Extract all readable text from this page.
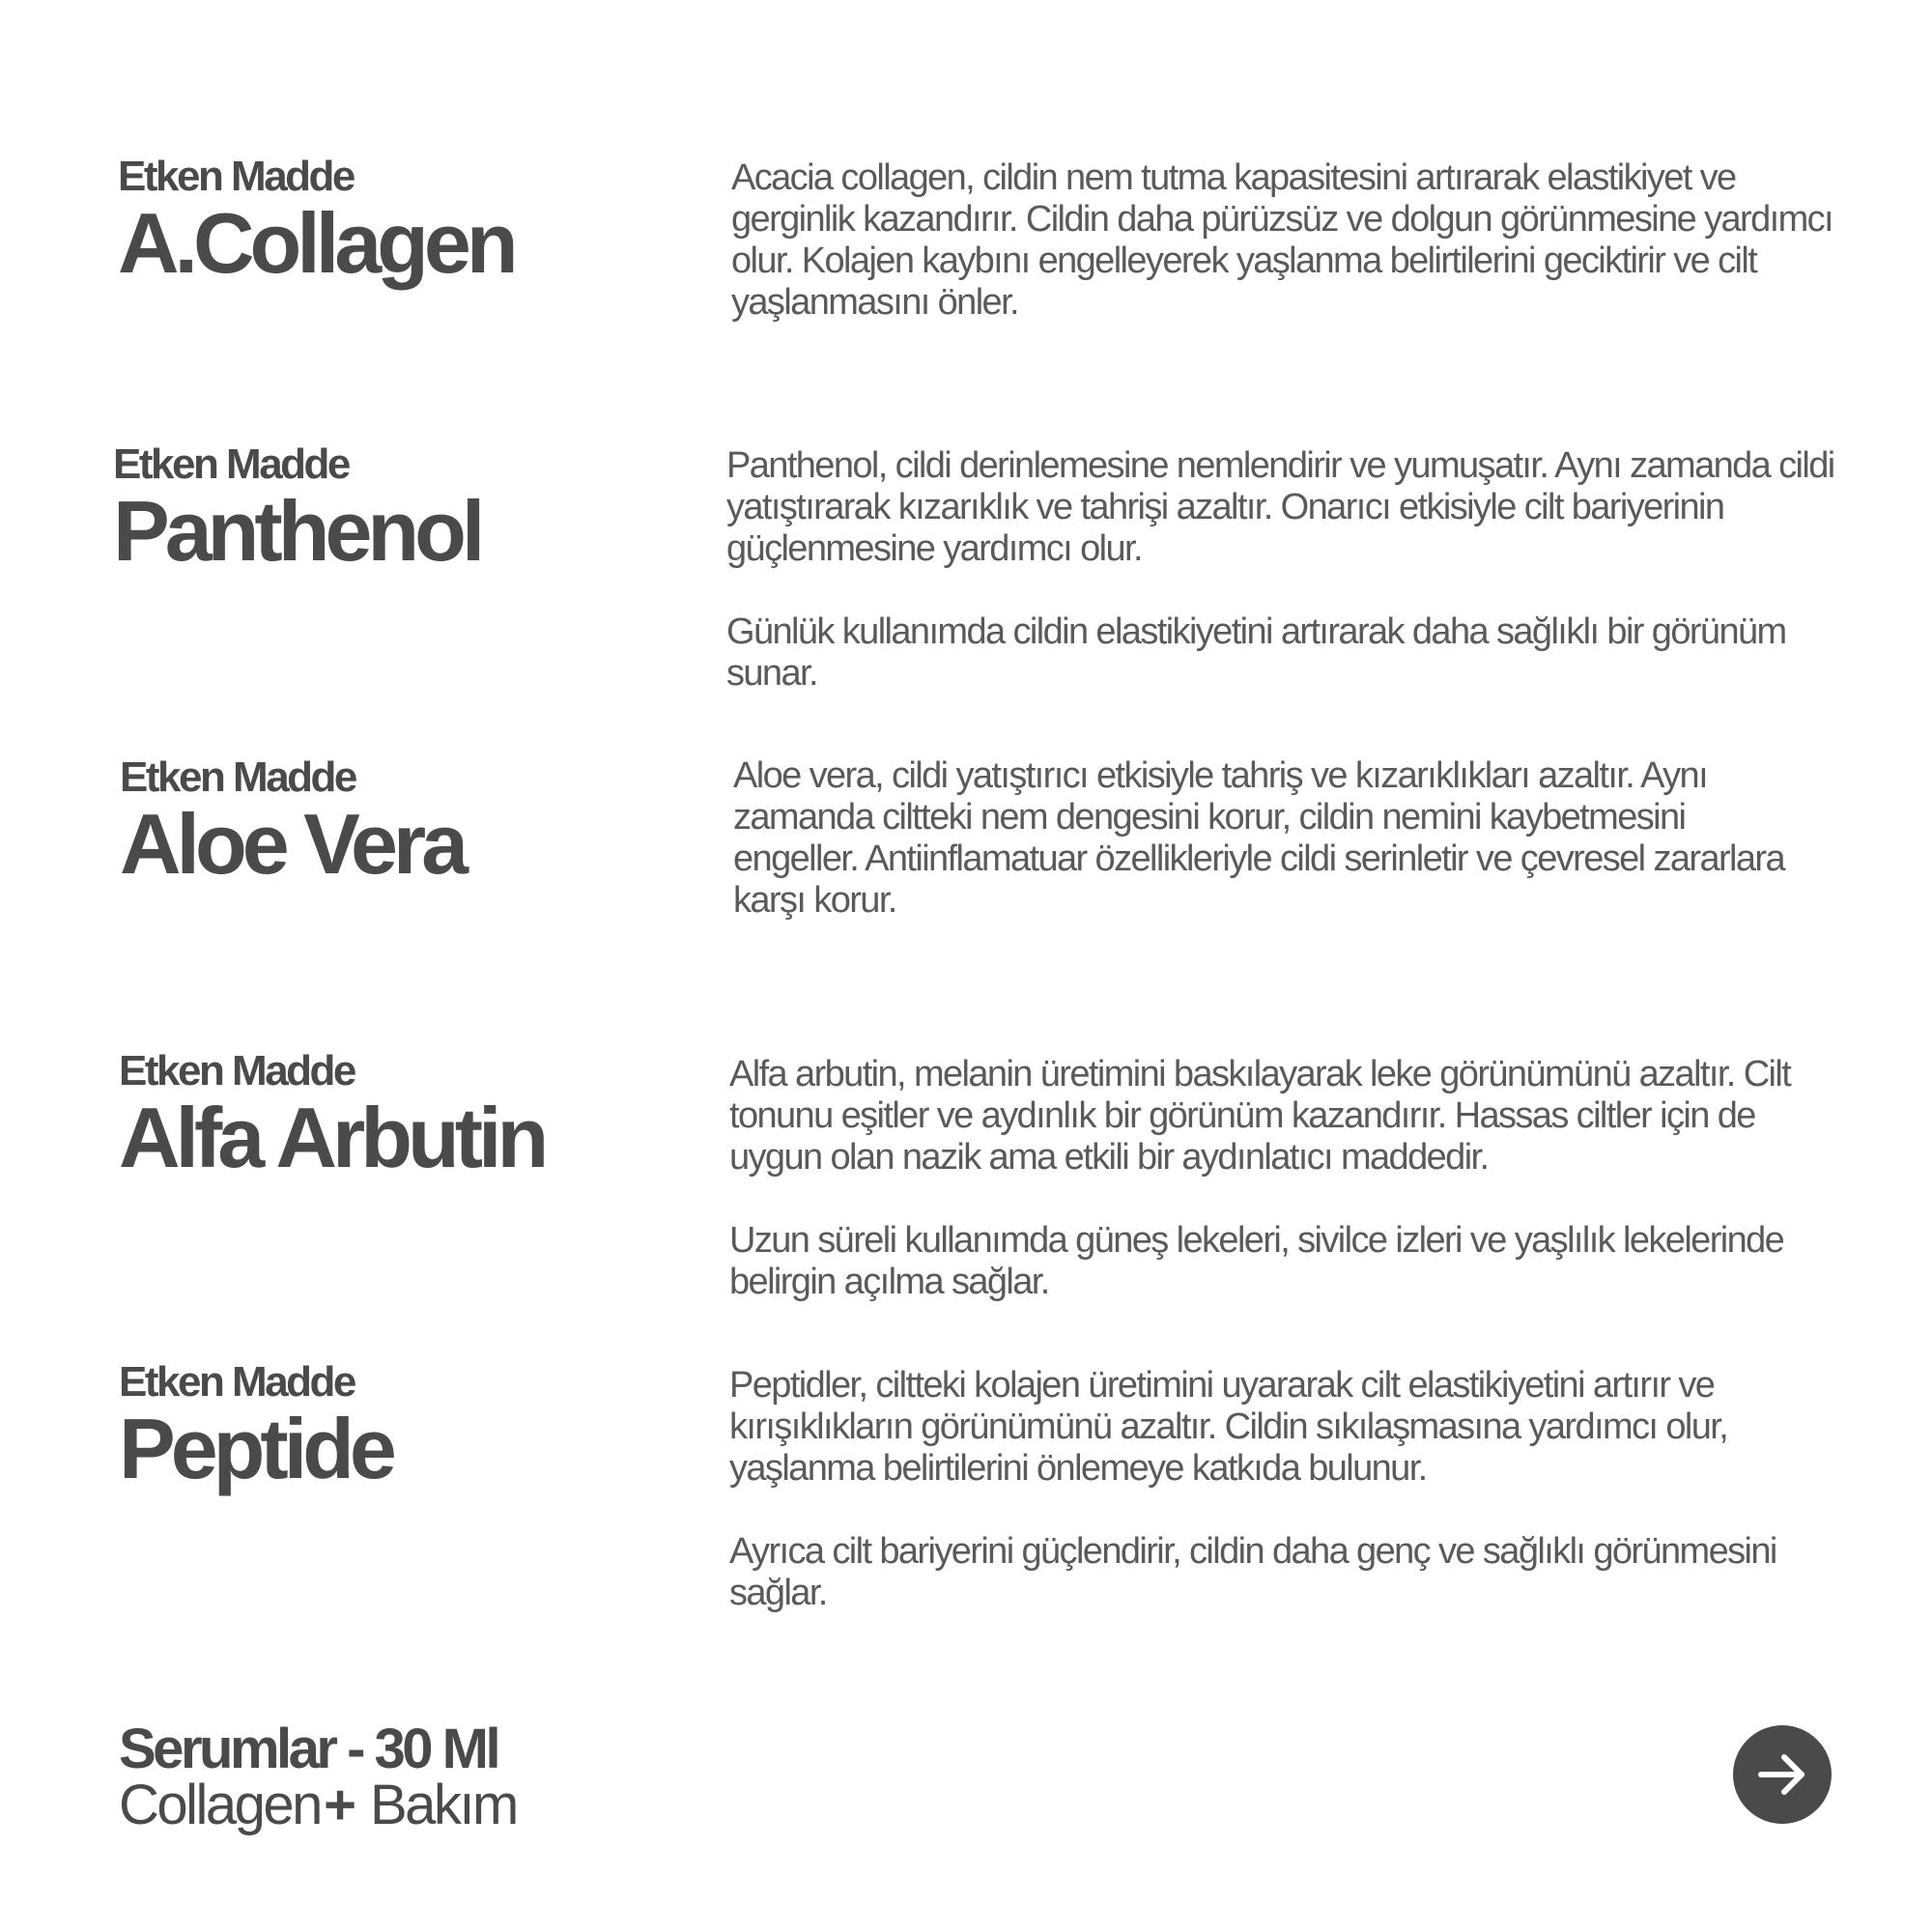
Etken Madde
A.Collagen

Acacia collagen, cildin nem tutma kapasitesini artırarak elastikiyet ve gerginlik kazandırır. Cildin daha pürüzsüz ve dolgun görünmesine yardımcı olur. Kolajen kaybını engelleyerek yaşlanma belirtilerini geciktirir ve cilt yaşlanmasını önler.

Etken Madde
Panthenol

Panthenol, cildi derinlemesine nemlendirir ve yumuşatır. Aynı zamanda cildi yatıştırarak kızarıklık ve tahrişi azaltır. Onarıcı etkisiyle cilt bariyerinin güçlenmesine yardımcı olur.

Günlük kullanımda cildin elastikiyetini artırarak daha sağlıklı bir görünüm sunar.

Etken Madde
Aloe Vera

Aloe vera, cildi yatıştırıcı etkisiyle tahriş ve kızarıklıkları azaltır. Aynı zamanda ciltteki nem dengesini korur, cildin nemini kaybetmesini engeller. Antiinflamatuar özellikleriyle cildi serinletir ve çevresel zararlara karşı korur.

Etken Madde
Alfa Arbutin

Alfa arbutin, melanin üretimini baskılayarak leke görünümünü azaltır. Cilt tonunu eşitler ve aydınlık bir görünüm kazandırır. Hassas ciltler için de uygun olan nazik ama etkili bir aydınlatıcı maddedir.

Uzun süreli kullanımda güneş lekeleri, sivilce izleri ve yaşlılık lekelerinde belirgin açılma sağlar.

Etken Madde
Peptide

Peptidler, ciltteki kolajen üretimini uyararak cilt elastikiyetini artırır ve kırışıklıkların görünümünü azaltır. Cildin sıkılaşmasına yardımcı olur, yaşlanma belirtilerini önlemeye katkıda bulunur.

Ayrıca cilt bariyerini güçlendirir, cildin daha genç ve sağlıklı görünmesini sağlar.

Serumlar - 30 Ml
Collagen+ Bakım
